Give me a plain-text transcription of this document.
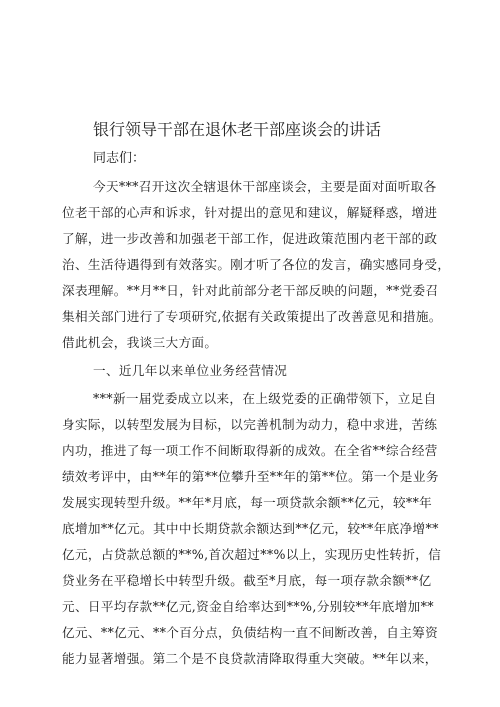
银行领导干部在退休老干部座谈会的讲话
同志们：
今天***召开这次全辖退休干部座谈会，主要是面对面听取各
位老干部的心声和诉求，针对提出的意见和建议，解疑释惑，增进
了解，进一步改善和加强老干部工作，促进政策范围内老干部的政
治、生活待遇得到有效落实。刚才听了各位的发言，确实感同身受，
深表理解。**月**日，针对此前部分老干部反映的问题，**党委召
集相关部门进行了专项研究,依据有关政策提出了改善意见和措施。
借此机会，我谈三大方面。
一、近几年以来单位业务经营情况
***新一届党委成立以来，在上级党委的正确带领下，立足自
身实际，以转型发展为目标，以完善机制为动力，稳中求进，苦练
内功，推进了每一项工作不间断取得新的成效。在全省**综合经营
绩效考评中，由**年的第**位攀升至**年的第**位。第一个是业务
发展实现转型升级。**年*月底，每一项贷款余额**亿元，较**年
底增加**亿元。其中中长期贷款余额达到**亿元，较**年底净增**
亿元，占贷款总额的**%,首次超过**%以上，实现历史性转折，信
贷业务在平稳增长中转型升级。截至*月底，每一项存款余额**亿
元、日平均存款**亿元,资金自给率达到**%,分别较**年底增加**
亿元、**亿元、**个百分点，负债结构一直不间断改善，自主筹资
能力显著增强。第二个是不良贷款清降取得重大突破。**年以来，
